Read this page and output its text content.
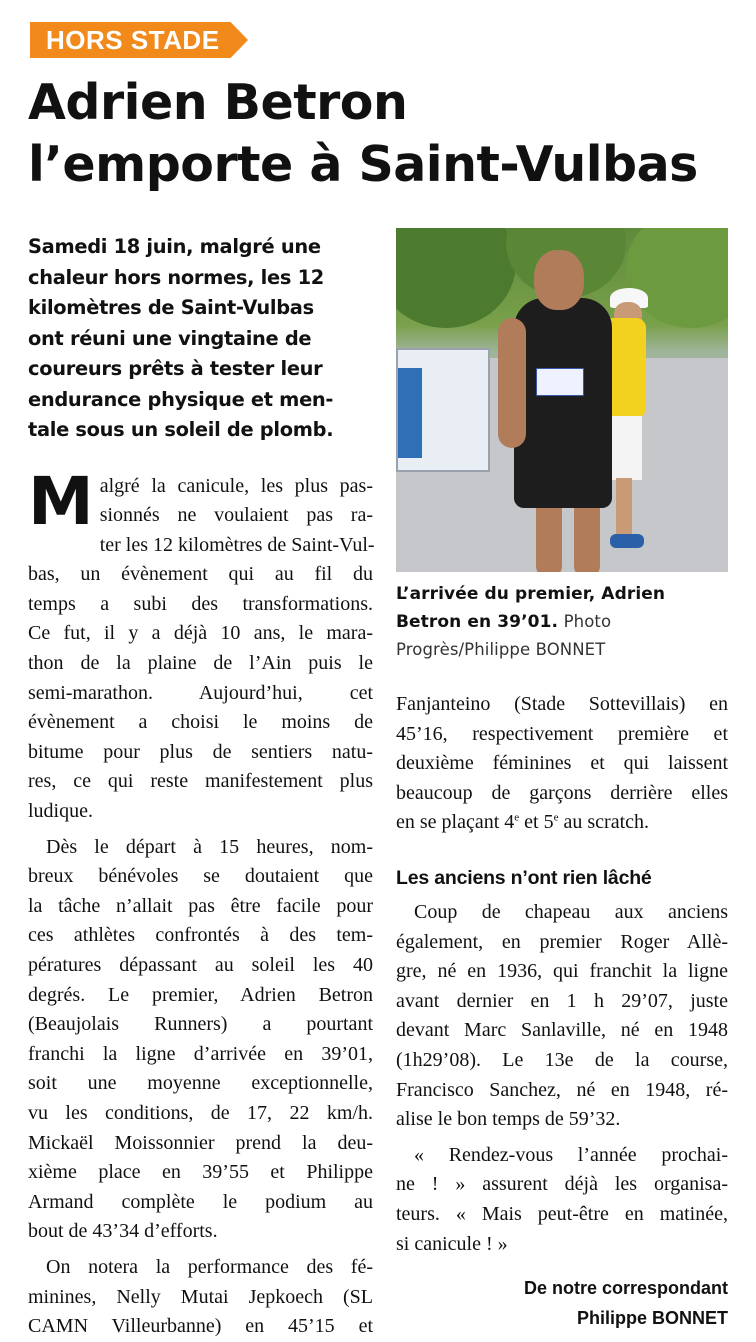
HORS STADE
Adrien Betron
l’emporte à Saint-Vulbas

Samedi 18 juin, malgré une
chaleur hors normes, les 12
kilomètres de Saint-Vulbas
ont réuni une vingtaine de
coureurs prêts à tester leur
endurance physique et men-
tale sous un soleil de plomb.

M algré la canicule, les plus pas-
sionnés ne voulaient pas ra-
ter les 12 kilomètres de Saint-Vul-
bas, un évènement qui au fil du
temps a subi des transformations.
Ce fut, il y a déjà 10 ans, le mara-
thon de la plaine de l’Ain puis le
semi-marathon. Aujourd’hui, cet
évènement a choisi le moins de
bitume pour plus de sentiers natu-
res, ce qui reste manifestement plus
ludique.
Dès le départ à 15 heures, nom-
breux bénévoles se doutaient que
la tâche n’allait pas être facile pour
ces athlètes confrontés à des tem-
pératures dépassant au soleil les 40
degrés. Le premier, Adrien Betron
(Beaujolais Runners) a pourtant
franchi la ligne d’arrivée en 39’01,
soit une moyenne exceptionnelle,
vu les conditions, de 17, 22 km/h.
Mickaël Moissonnier prend la deu-
xième place en 39’55 et Philippe
Armand complète le podium au
bout de 43’34 d’efforts.
On notera la performance des fé-
minines, Nelly Mutai Jepkoech (SL
CAMN Villeurbanne) en 45’15 et

L’arrivée du premier, Adrien
Betron en 39’01. Photo
Progrès/Philippe BONNET

Fanjanteino (Stade Sottevillais) en
45’16, respectivement première et
deuxième féminines et qui laissent
beaucoup de garçons derrière elles
en se plaçant 4e et 5e au scratch.
Les anciens n’ont rien lâché
Coup de chapeau aux anciens
également, en premier Roger Allè-
gre, né en 1936, qui franchit la ligne
avant dernier en 1 h 29’07, juste
devant Marc Sanlaville, né en 1948
(1h29’08). Le 13e de la course,
Francisco Sanchez, né en 1948, ré-
alise le bon temps de 59’32.
« Rendez-vous l’année prochai-
ne ! » assurent déjà les organisa-
teurs. « Mais peut-être en matinée,
si canicule ! »
De notre correspondant
Philippe BONNET
